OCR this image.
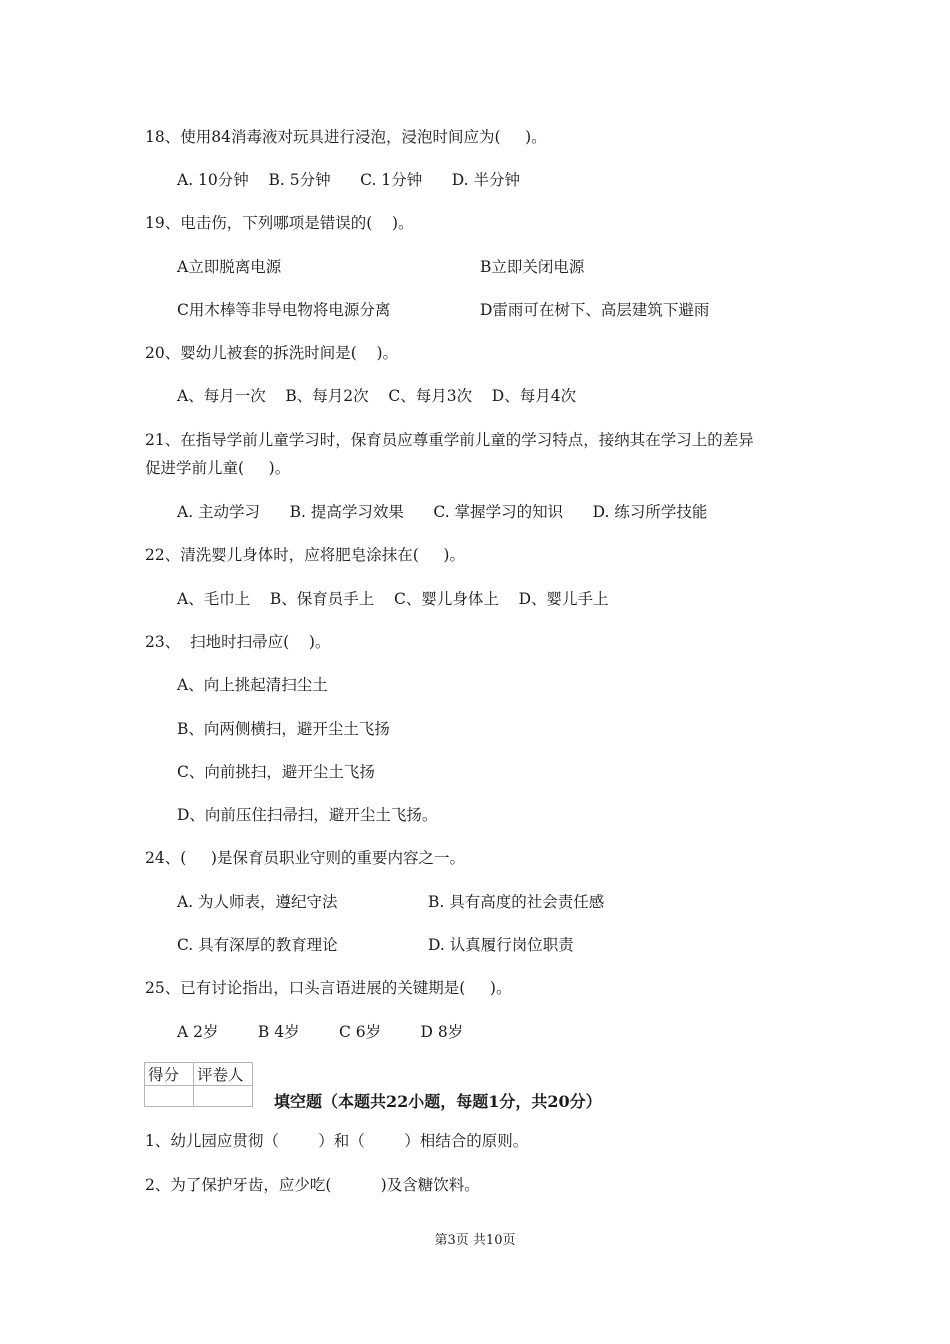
18、使用84消毒液对玩具进行浸泡，浸泡时间应为(     )。
A. 10分钟    B. 5分钟      C. 1分钟      D. 半分钟
19、电击伤，下列哪项是错误的(    )。
A立即脱离电源	B立即关闭电源
C用木棒等非导电物将电源分离	D雷雨可在树下、高层建筑下避雨
20、婴幼儿被套的拆洗时间是(    )。
A、每月一次    B、每月2次    C、每月3次    D、每月4次
21、在指导学前儿童学习时，保育员应尊重学前儿童的学习特点，接纳其在学习上的差异
促进学前儿童(     )。
A. 主动学习      B. 提高学习效果      C. 掌握学习的知识      D. 练习所学技能
22、清洗婴儿身体时，应将肥皂涂抹在(     )。
A、毛巾上    B、保育员手上    C、婴儿身体上    D、婴儿手上
23、  扫地时扫帚应(    )。
A、向上挑起清扫尘土
B、向两侧横扫，避开尘土飞扬
C、向前挑扫，避开尘土飞扬
D、向前压住扫帚扫，避开尘土飞扬。
24、(     )是保育员职业守则的重要内容之一。
A. 为人师表，遵纪守法	B. 具有高度的社会责任感
C. 具有深厚的教育理论	D. 认真履行岗位职责
25、已有讨论指出，口头言语进展的关键期是(     )。
A 2岁        B 4岁        C 6岁        D 8岁
得分	评卷人

填空题（本题共22小题，每题1分，共20分）
1、幼儿园应贯彻（        ）和（        ）相结合的原则。
2、为了保护牙齿，应少吃(          )及含糖饮料。
第3页 共10页
